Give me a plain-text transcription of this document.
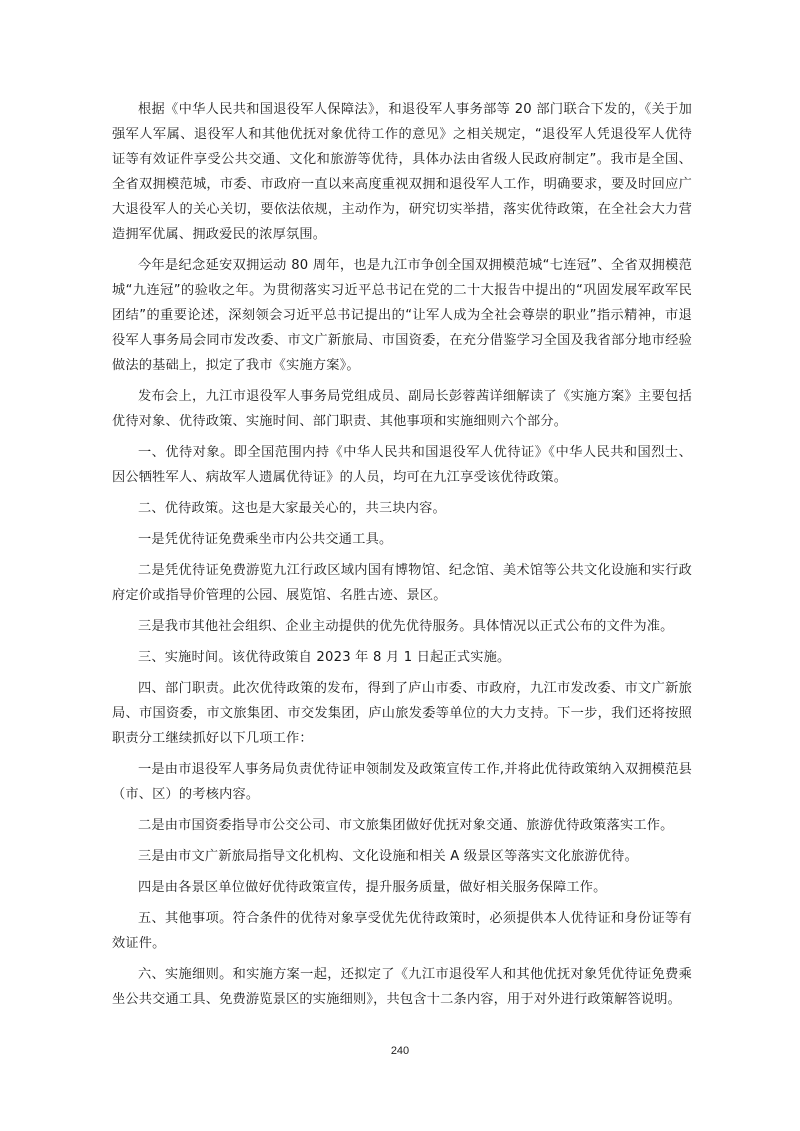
根据《中华人民共和国退役军人保障法》，和退役军人事务部等 20 部门联合下发的，《关于加强军人军属、退役军人和其他优抚对象优待工作的意见》之相关规定，“退役军人凭退役军人优待证等有效证件享受公共交通、文化和旅游等优待，具体办法由省级人民政府制定”。我市是全国、全省双拥模范城，市委、市政府一直以来高度重视双拥和退役军人工作，明确要求，要及时回应广大退役军人的关心关切，要依法依规，主动作为，研究切实举措，落实优待政策，在全社会大力营造拥军优属、拥政爱民的浓厚氛围。

今年是纪念延安双拥运动 80 周年，也是九江市争创全国双拥模范城“七连冠”、全省双拥模范城“九连冠”的验收之年。为贯彻落实习近平总书记在党的二十大报告中提出的“巩固发展军政军民团结”的重要论述，深刻领会习近平总书记提出的“让军人成为全社会尊崇的职业”指示精神，市退役军人事务局会同市发改委、市文广新旅局、市国资委，在充分借鉴学习全国及我省部分地市经验做法的基础上，拟定了我市《实施方案》。

发布会上，九江市退役军人事务局党组成员、副局长彭蓉茜详细解读了《实施方案》主要包括优待对象、优待政策、实施时间、部门职责、其他事项和实施细则六个部分。

一、优待对象。即全国范围内持《中华人民共和国退役军人优待证》《中华人民共和国烈士、因公牺牲军人、病故军人遗属优待证》的人员，均可在九江享受该优待政策。

二、优待政策。这也是大家最关心的，共三块内容。

一是凭优待证免费乘坐市内公共交通工具。

二是凭优待证免费游览九江行政区域内国有博物馆、纪念馆、美术馆等公共文化设施和实行政府定价或指导价管理的公园、展览馆、名胜古迹、景区。

三是我市其他社会组织、企业主动提供的优先优待服务。具体情况以正式公布的文件为准。

三、实施时间。该优待政策自 2023 年 8 月 1 日起正式实施。

四、部门职责。此次优待政策的发布，得到了庐山市委、市政府，九江市发改委、市文广新旅局、市国资委，市文旅集团、市交发集团，庐山旅发委等单位的大力支持。下一步，我们还将按照职责分工继续抓好以下几项工作：

一是由市退役军人事务局负责优待证申领制发及政策宣传工作,并将此优待政策纳入双拥模范县（市、区）的考核内容。

二是由市国资委指导市公交公司、市文旅集团做好优抚对象交通、旅游优待政策落实工作。

三是由市文广新旅局指导文化机构、文化设施和相关 A 级景区等落实文化旅游优待。

四是由各景区单位做好优待政策宣传，提升服务质量，做好相关服务保障工作。

五、其他事项。符合条件的优待对象享受优先优待政策时，必须提供本人优待证和身份证等有效证件。

六、实施细则。和实施方案一起，还拟定了《九江市退役军人和其他优抚对象凭优待证免费乘坐公共交通工具、免费游览景区的实施细则》，共包含十二条内容，用于对外进行政策解答说明。

240
